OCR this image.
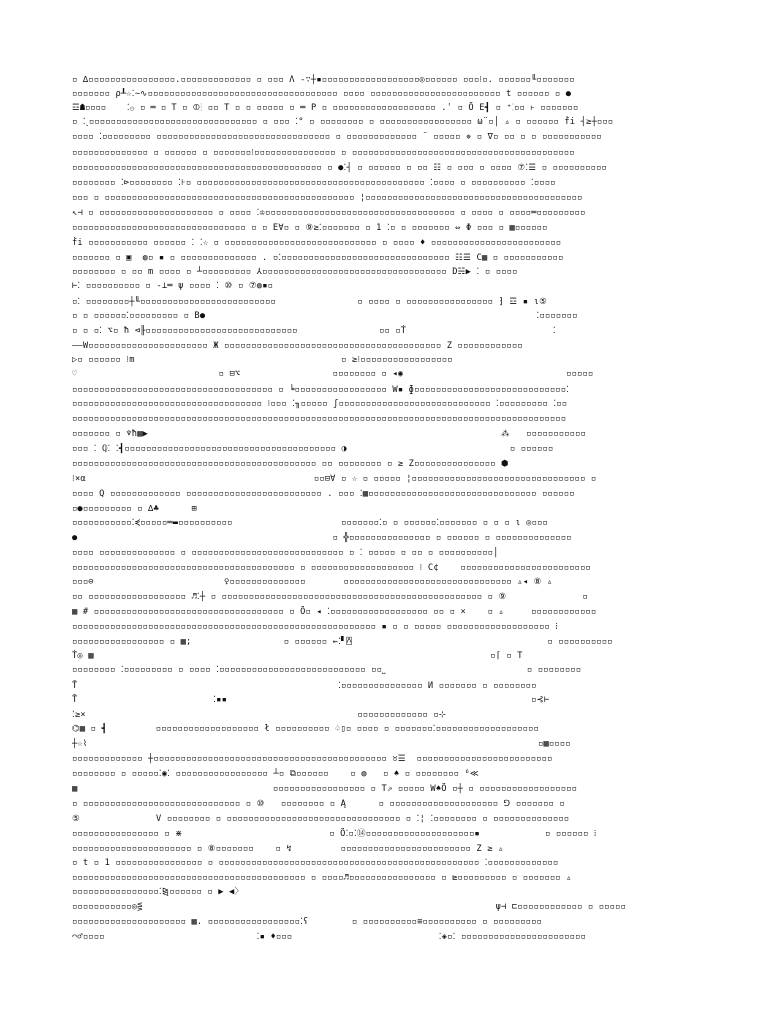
▫ ∆▫▫▫▫▫▫▫▫▫▫▫▫▫▫▫▫.▫▫▫▫▫▫▫▫▫▫▫▫▫ ▫ ▫▫▫ Λ -∵┼▪▫▫▫▫▫▫▫▫▫▫▫▫▫▫▫▫▫▫◎▫▫▫▫▫▫ ▫▫▫⁝▫. ▫▫▫▫▫▫╙▫▫▫▫▫▫▫
▫▫▫▫▫▫▫ ρ┸☆⁚∼∿▫▫▫▫▫▫▫▫▫▫▫▫▫▫▫▫▫▫▫▫▫▫▫▫▫▫▫▫▫▫▫▫▫▫▫ ▫▫▫▫ ▫▫▫▫▫▫▫▫▫▫▫▫▫▫▫▫▫▫▫▫▫▫▫▫ t ▫▫▫▫▫▫ ▫ ●
☲☗▫▫▫▫    ⁚۞ ▫ ═ ▫ T ▫ ⦷⁝ ▫▫ T ▫ ▫ ▫▫▫▫▫ ▫ ═ P ▫ ▫▫▫▫▫▫▫▫▫▫▫▫▫▫▫▫▫▫▫ .ʿ ▫ Ȫ E┫ ▫ ⁺⁚▫▫ ⊦ ▫▫▫▫▫▫▫
▫ ⁚˻▫▫▫▫▫▫▫▫▫▫▫▫▫▫▫▫▫▫▫▫▫▫▫▫▫▫▫▫▫▫▫ ▫ ▫▫▫ ⁚° ▫ ▫▫▫▫▫▫▫▫ ▫ ▫▫▫▫▫▫▫▫▫▫▫▫▫▫▫▫▫ ω¨▫│ ▵ ▫ ▫▫▫▫▫▫ ḟi ┤≥┼▫▫▫
▫▫▫▫ ⁚▫▫▫▫▫▫▫▫▫ ▫▫▫▫▫▫▫▫▫▫▫▫▫▫▫▫▫▫▫▫▫▫▫▫▫▫▫▫▫▫▫▫ ▫ ▫▫▫▫▫▫▫▫▫▫▫▫▫ ¨ ▫▫▫▫▫ ✵ ▫ ∇▫ ▫▫ ▫ ▫ ▫▫▫▫▫▫▫▫▫▫▫
▫▫▫▫▫▫▫▫▫▫▫▫▫▫ ▫ ▫▫▫▫▫▫ ▫ ▫▫▫▫▫▫▫⁝▫▫▫▫▫▫▫▫▫▫▫▫▫▫▫ ▫ ▫▫▫▫▫▫▫▫▫▫▫▫▫▫▫▫▫▫▫▫▫▫▫▫▫▫▫▫▫▫▫▫▫▫▫▫▫▫▫▫▫
▫▫▫▫▫▫▫▫▫▫▫▫▫▫▫▫▫▫▫▫▫▫▫▫▫▫▫▫▫▫▫▫▫▫▫▫▫▫▫▫▫▫▫▫▫▫ ▫ ●⁚┤ ▫ ▫▫▫▫▫▫ ▫ ▫▫ ☷ ▫ ▫▫▫ ▫ ▫▫▫▫ ⑦⁚☰ ▫ ▫▫▫▫▫▫▫▫▫▫
▫▫▫▫▫▫▫▫ ⁚⊳▫▫▫▫▫▫▫▫ ⁚⊦▫ ▫▫▫▫▫▫▫▫▫▫▫▫▫▫▫▫▫▫▫▫▫▫▫▫▫▫▫▫▫▫▫▫▫▫▫▫▫▫▫▫▫▫ ⁚▫▫▫▫ ▫ ▫▫▫▫▫▫▫▫▫▫ ⁚▫▫▫▫
▫▫▫ ▫ ▫▫▫▫▫▫▫▫▫▫▫▫▫▫▫▫▫▫▫▫▫▫▫▫▫▫▫▫▫▫▫▫▫▫▫▫▫▫▫▫▫▫▫▫▫▫ ¦▫▫▫▫▫▫▫▫▫▫▫▫▫▫▫▫▫▫▫▫▫▫▫▫▫▫▫▫▫▫▫▫▫▫▫▫▫▫▫▫
↖⊣ ▫ ▫▫▫▫▫▫▫▫▫▫▫▫▫▫▫▫▫▫▫▫▫ ▫ ▫▫▫▫ ⁚♔▫▫▫▫▫▫▫▫▫▫▫▫▫▫▫▫▫▫▫▫▫▫▫▫▫▫▫▫▫▫▫▫▫▫▫ ▫ ▫▫▫▫ ▫ ▫▫▫▫═▫▫▫▫▫▫▫▫▫
▫▫▫▫▫▫▫▫▫▫▫▫▫▫▫▫▫▫▫▫▫▫▫▫▫▫▫▫▫▫▫▫ ▫ ▫ E∀▫ ▫ ⑨≥⁚▫▫▫▫▫▫▫ ▫ 1 ⁚▫ ▫ ▫▫▫▫▫▫▫ ⇔ Φ ▫▫▫ ▫ ▦▫▫▫▫▫▫
ḟi ▫▫▫▫▫▫▫▫▫▫▫ ▫▫▫▫▫▫ ⁚ ⁚☆ ▫ ▫▫▫▫▫▫▫▫▫▫▫▫▫▫▫▫▫▫▫▫▫▫▫▫▫▫▫▫ ▫ ▫▫▫▫ ♦ ▫▫▫▫▫▫▫▫▫▫▫▫▫▫▫▫▫▫▫▫▫▫▫▫
▫▫▫▫▫▫▫ ▫ ▣  ◍▫ ▪ ▫ ▫▫▫▫▫▫▫▫▫▫▫▫▫▫ . ▫⁚▫▫▫▫▫▫▫▫▫▫▫▫▫▫▫▫▫▫▫▫▫▫▫▫▫▫▫▫▫▫▫ ☷☰ C▦ ▫ ▫▫▫▫▫▫▫▫▫▫▫
▫▫▫▫▫▫▫▫ ▫ ▫▫ m ▫▫▫▫ ▫ ┴▫▫▫▫▫▫▫▫▫ ⅄▫▫▫▫▫▫▫▫▫▫▫▫▫▫▫▫▫▫▫▫▫▫▫▫▫▫▫▫▫▫▫▫▫▫ D☵▶ ⁚ ▫ ▫▫▫▫
⊢⁚ ▫▫▫▫▫▫▫▫▫▫ ▫ -⊥═ ψ ▫▫▫▫ ⁚ ⑩ ▫ ⑦◍▪▫
▫⁚ ▫▫▫▫▫▫▫▫┼╙▫▫▫▫▫▫▫▫▫▫▫▫▫▫▫▫▫▫▫▫▫▫▫▫▫               ▫ ▫▫▫▫ ▫ ▫▫▫▫▫▫▫▫▫▫▫▫▫▫▫▫ ⁆ ☲ ▪ ι⑤
▫ ▫ ▫▫▫▫▫▫⁚▫▫▫▫▫▫▫▫▫ ▫ B●                                                             ⁚▫▫▫▫▫▫▫
▫ ▫ ▫⁚ ⌥▫ ħ ⊲╟▫▫▫▫▫▫▫▫▫▫▫▫▫▫▫▫▫▫▫▫▫▫▫▫▫▫▫▫               ▫▫ ▫Ṫ                           ⁚
——W▫▫▫▫▫▫▫▫▫▫▫▫▫▫▫▫▫▫▫▫▫▫ Ж ▫▫▫▫▫▫▫▫▫▫▫▫▫▫▫▫▫▫▫▫▫▫▫▫▫▫▫▫▫▫▫▫▫▫▫▫▫▫▫▫ Ζ ▫▫▫▫▫▫▫▫▫▫▫▫
▷▫ ▫▫▫▫▫▫ ⁝m                                      ▫ ≥⁝▫▫▫▫▫▫▫▫▫▫▫▫▫▫▫▫▫
♡                          ▫ ⊟⌥                 ▫▫▫▫▫▫▫▫ ▫ ◂◉                              ▫▫▫▫▫
▫▫▫▫▫▫▫▫▫▫▫▫▫▫▫▫▫▫▫▫▫▫▫▫▫▫▫▫▫▫▫▫▫▫▫▫▫ ▫ ╘▫▫▫▫▫▫▫▫▫▫▫▫▫▫▫▫▫ W▪ ɸ▫▫▫▫▫▫▫▫▫▫▫▫▫▫▫▫▫▫▫▫▫▫▫▫▫▫▫▫⁚
▫▫▫▫▫▫▫▫▫▫▫▫▫▫▫▫▫▫▫▫▫▫▫▫▫▫▫▫▫▫▫▫▫▫▫ ⁝▫▫▫ ⁚╖▫▫▫▫▫ ʃ▫▫▫▫▫▫▫▫▫▫▫▫▫▫▫▫▫▫▫▫▫▫▫▫▫▫▫▫ ⁚▫▫▫▫▫▫▫▫▫ ⁚▫▫
▫▫▫▫▫▫▫▫▫▫▫▫▫▫▫▫▫▫▫▫▫▫▫▫▫▫▫▫▫▫▫▫▫▫▫▫▫▫▫▫▫▫▫▫▫▫▫▫▫▫▫▫▫▫▫▫▫▫▫▫▫▫▫▫▫▫▫▫▫▫▫▫▫▫▫▫▫▫▫▫▫▫▫▫▫▫▫▫▫▫▫
▫▫▫▫▫▫▫ ▫ ♆ħ▦▶                                                                 ⁂   ▫▫▫▫▫▫▫▫▫▫▫
▫▫▫ ⁚ ℚ⁚ ⁚┫▫▫▫▫▫▫▫▫▫▫▫▫▫▫▫▫▫▫▫▫▫▫▫▫▫▫▫▫▫▫▫▫▫▫▫▫▫▫▫ ◑                              ▫ ▫▫▫▫▫▫
▫▫▫▫▫▫▫▫▫▫▫▫▫▫▫▫▫▫▫▫▫▫▫▫▫▫▫▫▫▫▫▫▫▫▫▫▫▫▫▫▫▫▫▫▫ ▫▫ ▫▫▫▫▫▫▫▫ ▫ ≥ Z▫▫▫▫▫▫▫▫▫▫▫▫▫▫▫ ⬢
⁝×α                                          ▫▫⊟∀ ▫ ☆ ▫ ▫▫▫▫▫ ¦▫▫▫▫▫▫▫▫▫▫▫▫▫▫▫▫▫▫▫▫▫▫▫▫▫▫▫▫▫▫▫▫ ▫
▫▫▫▫ Q ▫▫▫▫▫▫▫▫▫▫▫▫▫ ▫▫▫▫▫▫▫▫▫▫▫▫▫▫▫▫▫▫▫▫▫▫▫▫▫ . ▫▫▫ ⁚▦▫▫▫▫▫▫▫▫▫▫▫▫▫▫▫▫▫▫▫▫▫▫▫▫▫▫▫▫▫▫▫ ▫▫▫▫▫▫
▫●▫▫▫▫▫▫▫▫▫ ▫ ∆♣      ⊞
▫▫▫▫▫▫▫▫▫▫▫⁚⋞▫▫▫▫▫═▬▫▫▫▫▫▫▫▫▫▫                    ▫▫▫▫▫▫▫⁚▫ ▫ ▫▫▫▫▫▫⁚▫▫▫▫▫▫▫ ▫ ▫ ▫ ι ◎▫▫▫
●                                               ▫ ╬▫▫▫▫▫▫▫▫▫▫▫▫▫▫▫ ▫ ▫▫▫▫▫▫ ▫ ▫▫▫▫▫▫▫▫▫▫▫▫▫▫
▫▫▫▫ ▫▫▫▫▫▫▫▫▫▫▫▫▫▫ ▫ ▫▫▫▫▫▫▫▫▫▫▫▫▫▫▫▫▫▫▫▫▫▫▫▫▫▫▫▫ ▫ ⁚ ▫▫▫▫▫ ▫ ▫▫ ▫ ▫▫▫▫▫▫▫▫▫▫│
▫▫▫▫▫▫▫▫▫▫▫▫▫▫▫▫▫▫▫▫▫▫▫▫▫▫▫▫▫▫▫▫▫▫▫▫▫▫▫▫▫ ▫ ▫▫▫▫▫▫▫▫▫▫▫▫▫▫▫▫▫▫▫ ⁝ C¢    ▫▫▫▫▫▫▫▫▫▫▫▫▫▫▫▫▫▫▫▫▫▫▫▫
▫▫▫⊖                        ♀▫▫▫▫▫▫▫▫▫▫▫▫▫▫       ▫▫▫▫▫▫▫▫▫▫▫▫▫▫▫▫▫▫▫▫▫▫▫▫▫▫▫▫▫▫▫ ▵◂ ⑧ ▵
▫▫ ▫▫▫▫▫▫▫▫▫▫▫▫▫▫▫▫▫▫ ♬⁚┼ ▫ ▫▫▫▫▫▫▫▫▫▫▫▫▫▫▫▫▫▫▫▫▫▫▫▫▫▫▫▫▫▫▫▫▫▫▫▫▫▫▫▫▫▫▫▫▫▫▫▫ ▫ ⑨              ▫
▦ # ▫▫▫▫▫▫▫▫▫▫▫▫▫▫▫▫▫▫▫▫▫▫▫▫▫▫▫▫▫▫▫▫▫▫▫ ▫ Ȫ▫ ◂ ⁚▫▫▫▫▫▫▫▫▫▫▫▫▫▫▫▫▫▫ ▫▫ ▫ ×    ▫ ▵     ▫▫▫▫▫▫▫▫▫▫▫▫
▫▫▫▫▫▫▫▫▫▫▫▫▫▫▫▫▫▫▫▫▫▫▫▫▫▫▫▫▫▫▫▫▫▫▫▫▫▫▫▫▫▫▫▫▫▫▫▫▫▫▫▫▫▫▫▫ ▪ ▫ ▫ ▫▫▫▫▫ ▫▫▫▫▫▫▫▫▫▫▫▫▫▫▫▫▫▫▫ ⁞
▫▫▫▫▫▫▫▫▫▫▫▫▫▫▫▫▫ ▫ ▦;                 ▫ ▫▫▫▫▫▫ ⇜⁚▘⍓                                    ▫ ▫▫▫▫▫▫▫▫▫▫
Ṫ◎ ▦                                                                         ▫⌈ ▫ T
▫▫▫▫▫▫▫▫ ⁚▫▫▫▫▫▫▫▫▫ ▫ ▫▫▫▫ ⁚▫▫▫▫▫▫▫▫▫▫▫▫▫▫▫▫▫▫▫▫▫▫▫▫▫▫▫ ▫▫˽                          ▫ ▫▫▫▫▫▫▫▫
T̊                                                ⁚▫▫▫▫▫▫▫▫▫▫▫▫▫▫▫ И ▫▫▫▫▫▫▫ ▫ ▫▫▫▫▫▫▫▫
T̄                         ⁚▪▪                                                        ▫⊰⊢
⁚≥×                                                  ▫▫▫▫▫▫▫▫▫▫▫▫▫ ▫⊹
⌬▦ ▫ ┫         ▫▫▫▫▫▫▫▫▫▫▫▫▫▫▫▫▫▫▫ ł ▫▫▫▫▫▫▫▫▫▫ ♤▯▫ ▫▫▫▫ ▫ ▫▫▫▫▫▫▫⁚▫▫▫▫▫▫▫▫▫▫▫▫▫▫▫▫▫▫▫
┼☆⌇                                                                                   ▫▦▫▫▫▫
▫▫▫▫▫▫▫▫▫▫▫▫▫ ┼▫▫▫▫▫▫▫▫▫▫▫▫▫▫▫▫▫▫▫▫▫▫▫▫▫▫▫▫▫▫▫▫▫▫▫▫▫▫▫▫▫▫▫ ♉☰  ▫▫▫▫▫▫▫▫▫▫▫▫▫▫▫▫▫▫▫▫▫▫▫▫▫
▫▫▫▫▫▫▫▫ ▫ ▫▫▫▫▫⁚◉⁚ ▫▫▫▫▫▫▫▫▫▫▫▫▫▫▫▫▫ ┴▫ ⧉▫▫▫▫▫▫    ▫ ◍   ▫ ♠ ▫ ▫▫▫▫▫▫▫▫ ⁶≪
▦                                    ▫▫▫▫▫▫▫▫▫▫▫▫▫▫▫▫▫ ▫ T⇗ ▫▫▫▫▫ W♠Ȫ ▫┼ ▫ ▫▫▫▫▫▫▫▫▫▫▫▫▫▫▫▫▫▫
▫ ▫▫▫▫▫▫▫▫▫▫▫▫▫▫▫▫▫▫▫▫▫▫▫▫▫▫▫▫▫ ▫ ⑩   ▫▫▫▫▫▫▫▫ ▫ Ą      ▫ ▫▫▫▫▫▫▫▫▫▫▫▫▫▫▫▫▫▫▫▫ ⅁ ▫▫▫▫▫▫▫ ▫
⑤              V ▫▫▫▫▫▫▫▫ ▫ ▫▫▫▫▫▫▫▫▫▫▫▫▫▫▫▫▫▫▫▫▫▫▫▫▫▫▫▫▫▫▫▫ ▫ ⁚¦ ⁚▫▫▫▫▫▫▫▫ ▫ ▫▫▫▫▫▫▫▫▫▫▫▫▫▫
▫▫▫▫▫▫▫▫▫▫▫▫▫▫▫▫ ▫ ⋇                           ▫ Ȫ⁚▫⁚⑭▫▫▫▫▫▫▫▫▫▫▫▫▫▫▫▫▫▫▫▫▪            ▫ ▫▫▫▫▫▫ ⁞
▫▫▫▫▫▫▫▫▫▫▫▫▫▫▫▫▫▫▫▫▫▫ ▫ ⑧▫▫▫▫▫▫▫    ▫ ↯         ▫▫▫▫▫▫▫▫▫▫▫▫▫▫▫▫▫▫▫▫▫▫▫▫ Z ≥ ▵
▫ t ▫ 1 ▫▫▫▫▫▫▫▫▫▫▫▫▫▫▫▫ ▫ ▫▫▫▫▫▫▫▫▫▫▫▫▫▫▫▫▫▫▫▫▫▫▫▫▫▫▫▫▫▫▫▫▫▫▫▫▫▫▫▫▫▫▫▫▫▫▫▫ ⁚▫▫▫▫▫▫▫▫▫▫▫▫▫
▫▫▫▫▫▫▫▫▫▫▫▫▫▫▫▫▫▫▫▫▫▫▫▫▫▫▫▫▫▫▫▫▫▫▫▫▫▫▫▫▫▫▫ ▫ ▫▫▫▫♬▫▫▫▫▫▫▫▫▫▫▫▫▫▫▫▫ ▫ ⊵▫▫▫▫▫▫▫▫▫ ▫ ▫▫▫▫▫▫▫ ▵
▫▫▫▫▫▫▫▫▫▫▫▫▫▫▫▫⁚⧎▫▫▫▫▫▫ ▫ ▶ ◀〉
▫▫▫▫▫▫▫▫▫▫▫◎⋚                                                                 ψ⊣ ⊏▫▫▫▫▫▫▫▫▫▫▫▫ ▫ ▫▫▫▫▫
▫▫▫▫▫▫▫▫▫▫▫▫▫▫▫▫▫▫▫▫▫ ▦. ▫▫▫▫▫▫▫▫▫▫▫▫▫▫▫▫▫⁚ʕ        ▫ ▫▫▫▫▫▫▫▫▫▫≡▫▫▫▫▫▫▫▫▫▫ ▫ ▫▫▫▫▫▫▫▫▫
⌒♂▫▫▫▫                            ⁚▪ ♦▫▫▫                           ⁚◈▫⁚ ▫▫▫▫▫▫▫▫▫▫▫▫▫▫▫▫▫▫▫▫▫▫▫
